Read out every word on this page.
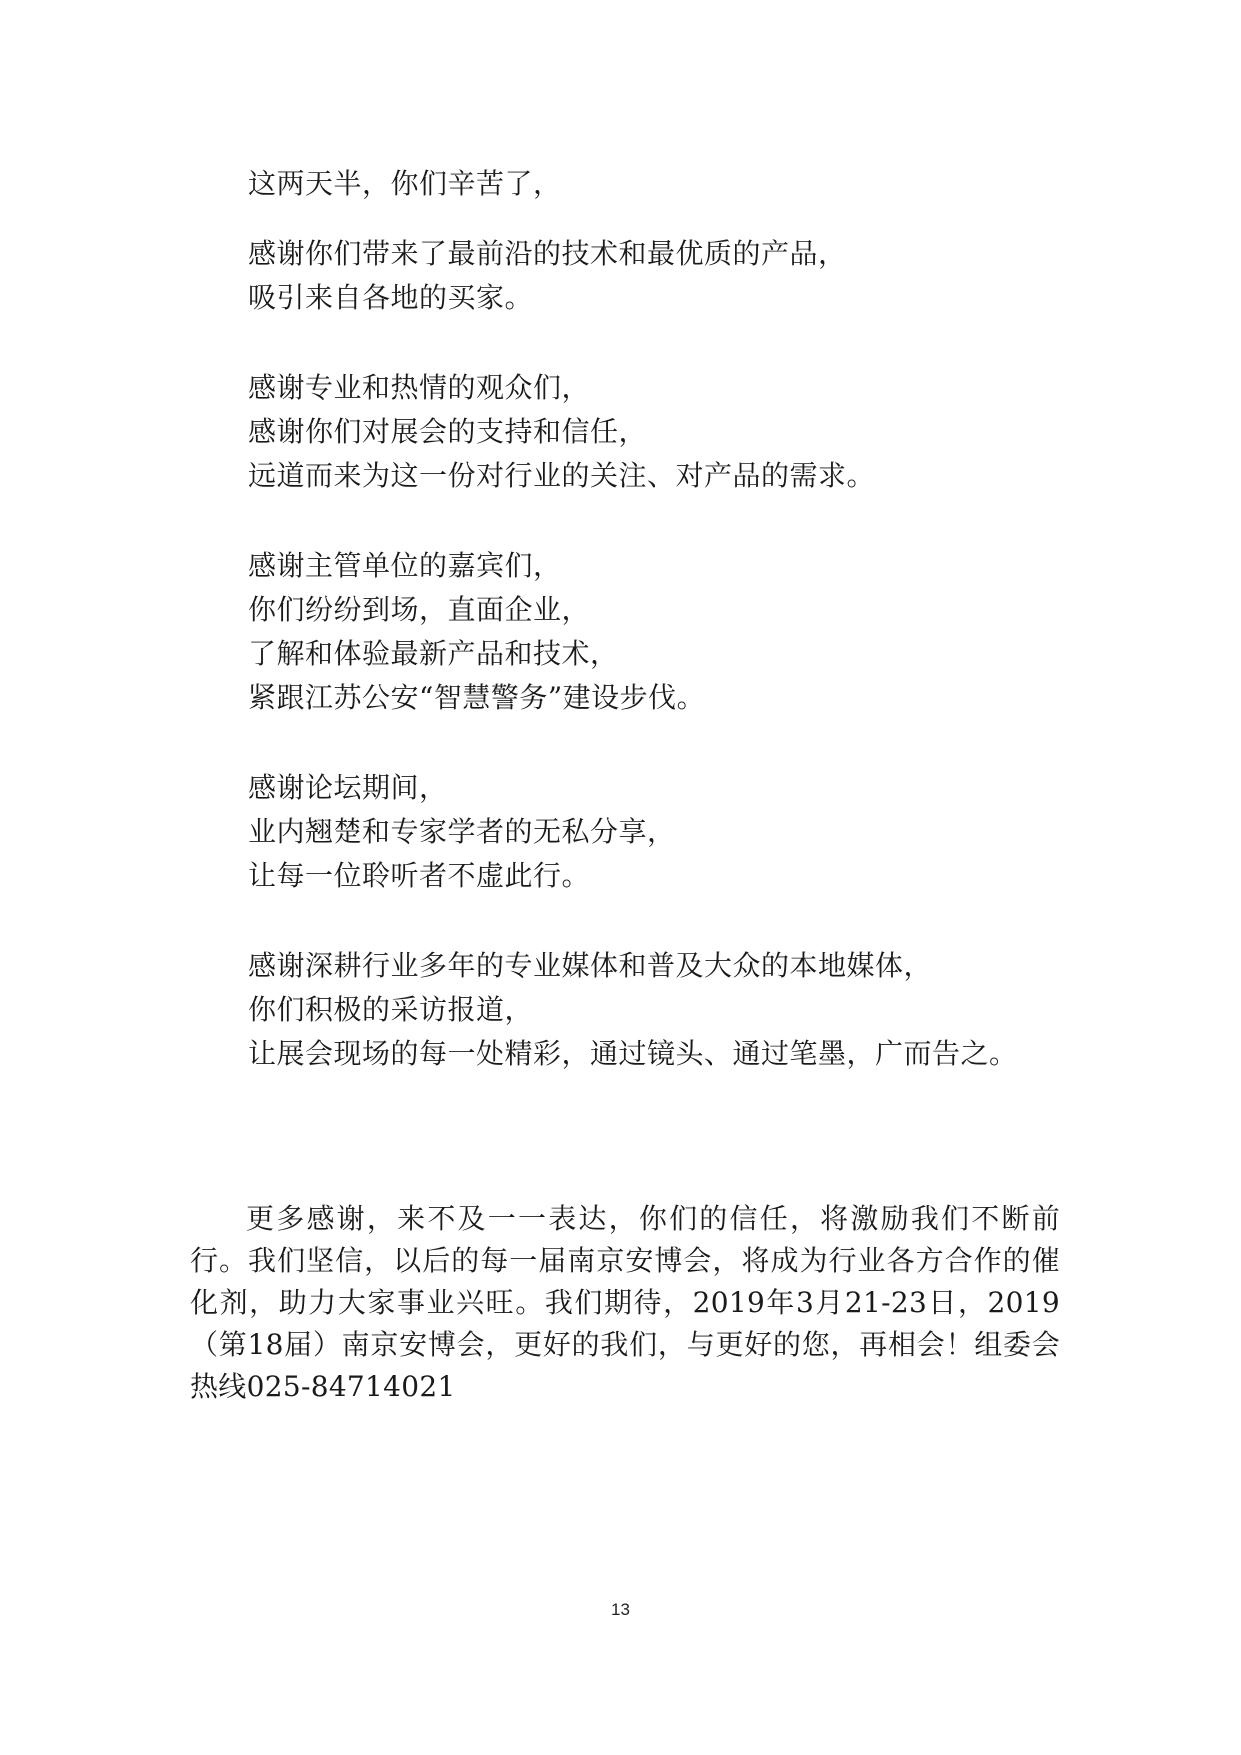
这两天半，你们辛苦了，
感谢你们带来了最前沿的技术和最优质的产品，
吸引来自各地的买家。
感谢专业和热情的观众们，
感谢你们对展会的支持和信任，
远道而来为这一份对行业的关注、对产品的需求。
感谢主管单位的嘉宾们，
你们纷纷到场，直面企业，
了解和体验最新产品和技术，
紧跟江苏公安“智慧警务”建设步伐。
感谢论坛期间，
业内翘楚和专家学者的无私分享，
让每一位聆听者不虚此行。
感谢深耕行业多年的专业媒体和普及大众的本地媒体，
你们积极的采访报道，
让展会现场的每一处精彩，通过镜头、通过笔墨，广而告之。

更多感谢，来不及一一表达，你们的信任，将激励我们不断前行。我们坚信，以后的每一届南京安博会，将成为行业各方合作的催化剂，助力大家事业兴旺。我们期待，2019年3月21-23日，2019（第18届）南京安博会，更好的我们，与更好的您，再相会！组委会热线025-84714021

13
